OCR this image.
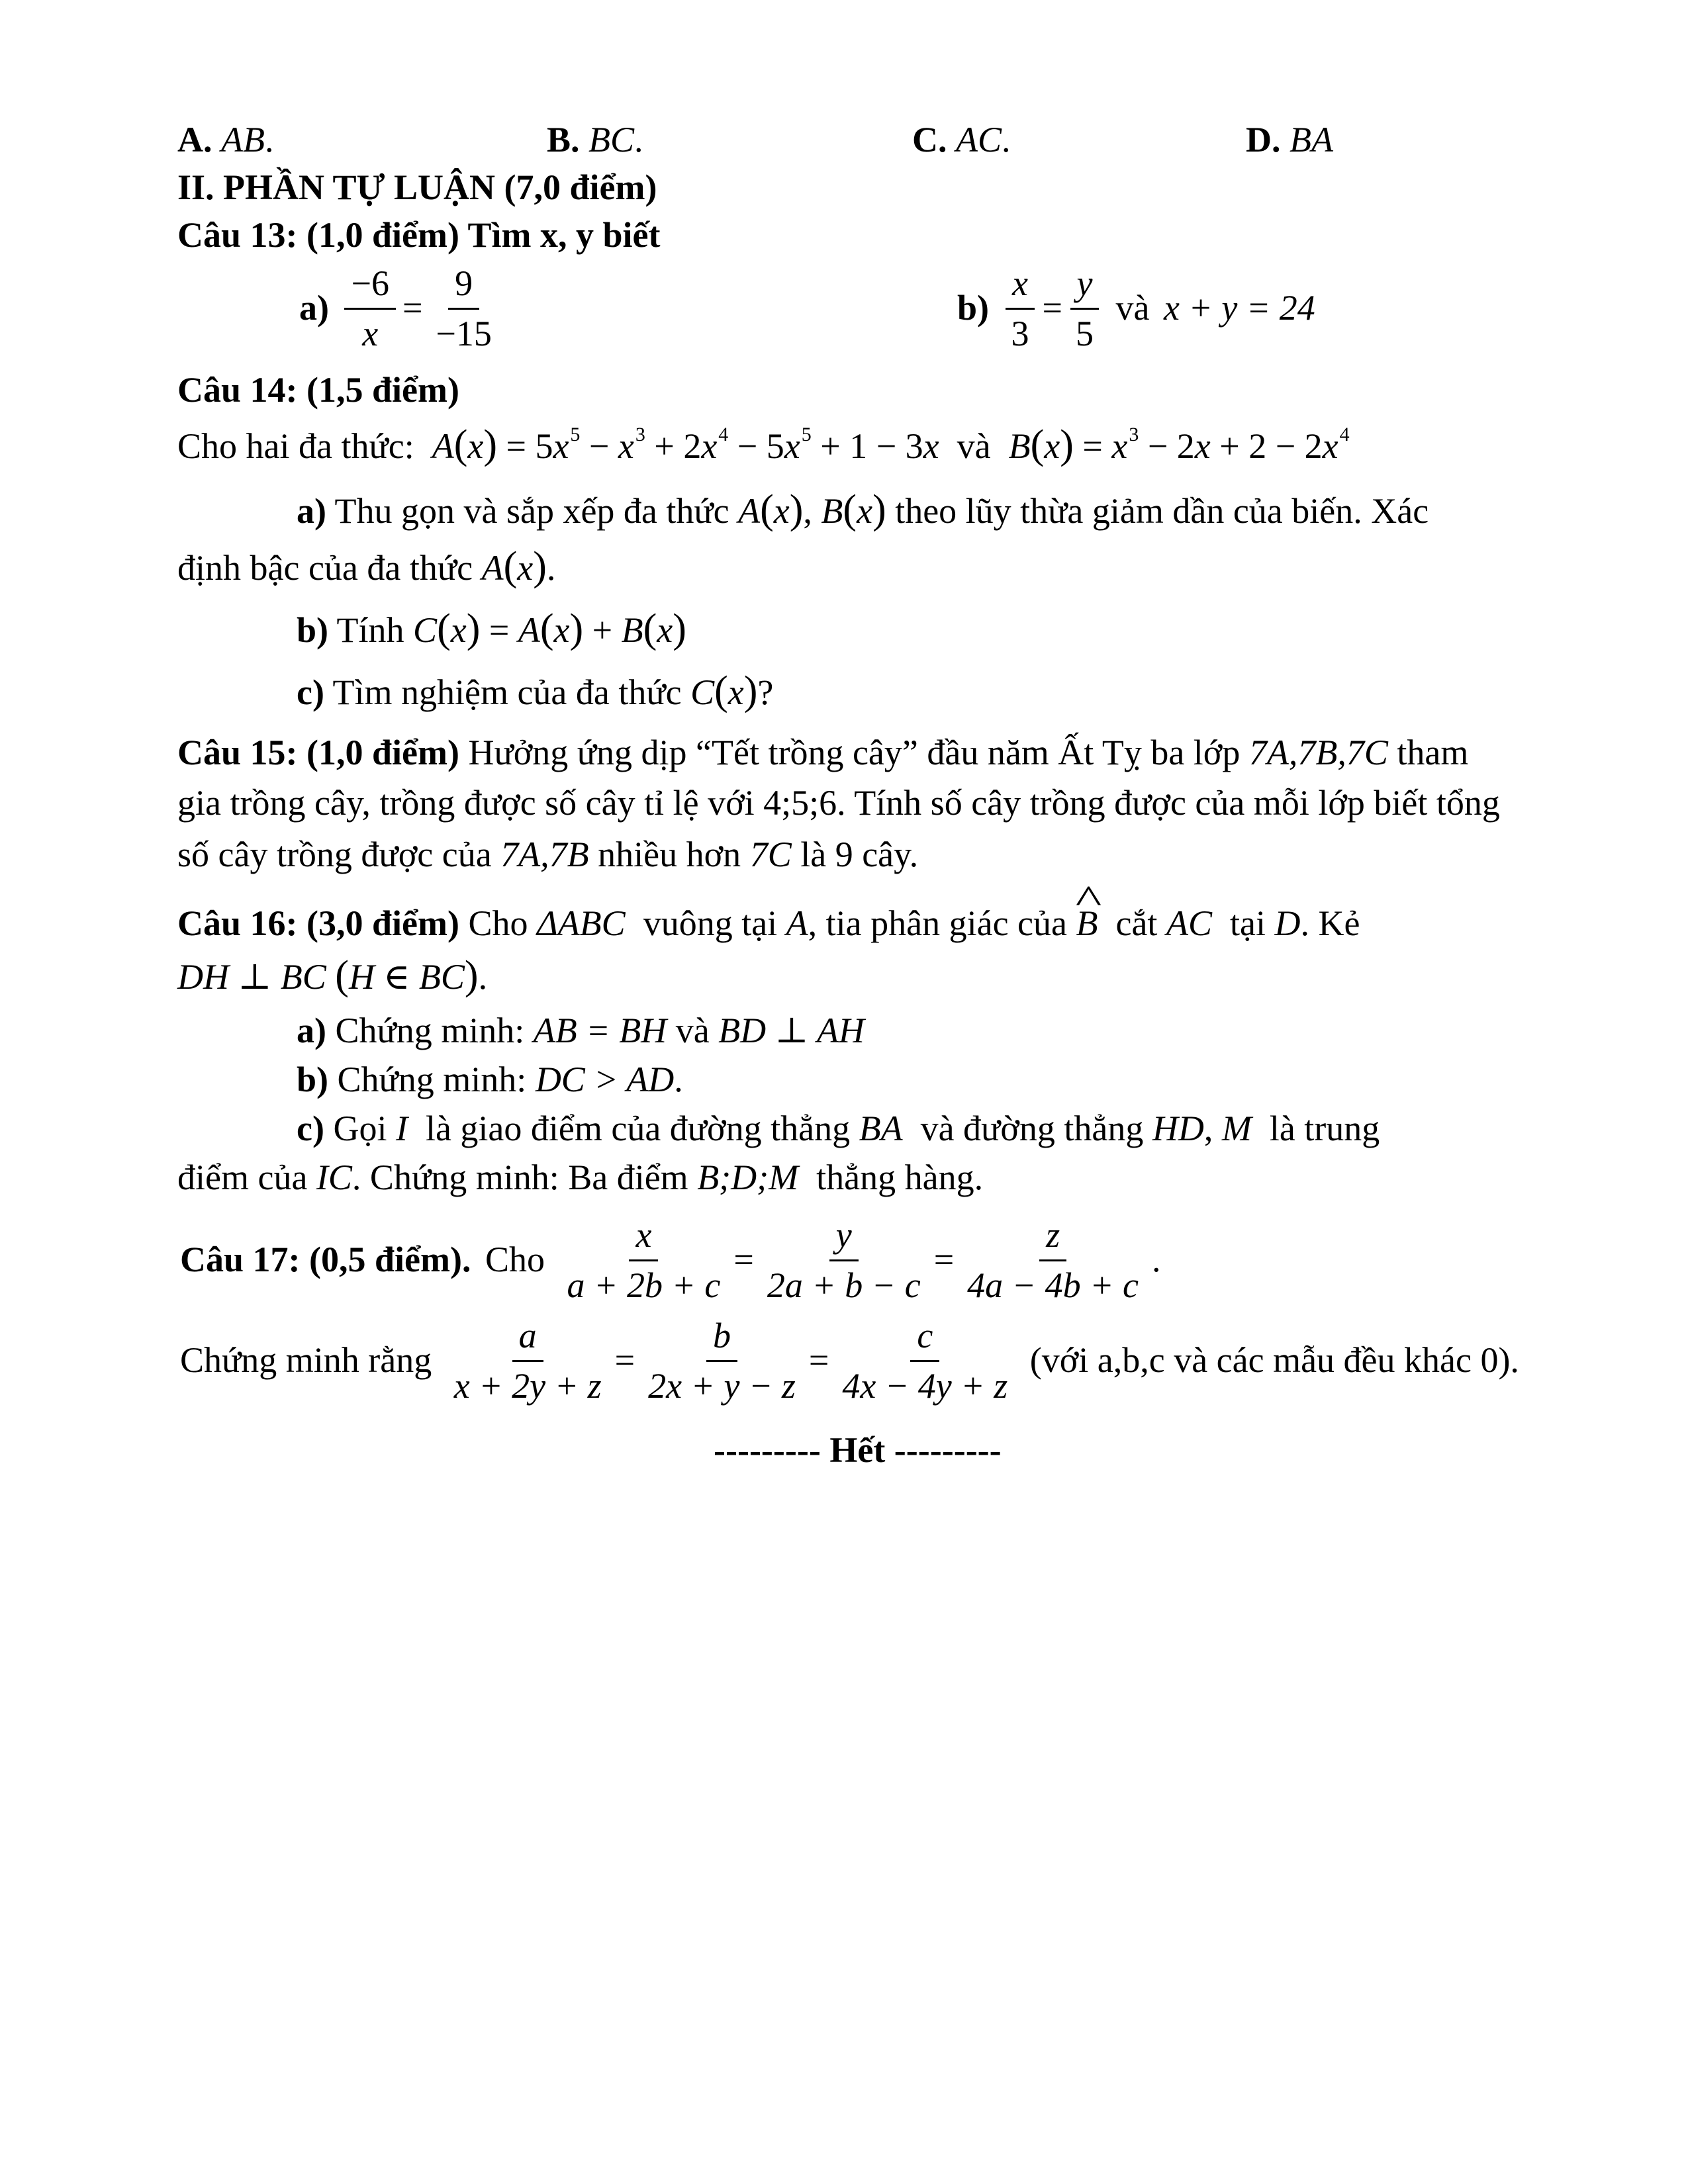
A. AB.	B. BC.	C. AC.	D. BA
II. PHẦN TỰ LUẬN (7,0 điểm)
Câu 13: (1,0 điểm) Tìm x, y biết
$a) \frac{-6}{x} = \frac{9}{-15}$	$b) \frac{x}{3} = \frac{y}{5}$ và x + y = 24
Câu 14: (1,5 điểm)
Cho hai đa thức:  $A(x) = 5x^5 - x^3 + 2x^4 - 5x^5 + 1 - 3x$ và $B(x) = x^3 - 2x + 2 - 2x^4$
a) Thu gọn và sắp xếp đa thức A(x), B(x) theo lũy thừa giảm dần của biến. Xác
định bậc của đa thức A(x).
b) Tính C(x) = A(x) + B(x)
c) Tìm nghiệm của đa thức C(x)?
Câu 15: (1,0 điểm) Hưởng ứng dịp “Tết trồng cây” đầu năm Ất Tỵ ba lớp 7A,7B,7C tham
gia trồng cây, trồng được số cây tỉ lệ với 4;5;6. Tính số cây trồng được của mỗi lớp biết tổng
số cây trồng được của 7A,7B nhiều hơn 7C là 9 cây.
Câu 16: (3,0 điểm) Cho ΔABC vuông tại A, tia phân giác của ^ B cắt AC tại D. Kẻ
DH ⊥ BC (H ∈ BC).
a) Chứng minh: AB = BH và BD ⊥ AH
b) Chứng minh: DC > AD.
c) Gọi I là giao điểm của đường thẳng BA và đường thẳng HD, M là trung
điểm của IC. Chứng minh: Ba điểm B;D;M thẳng hàng.
Câu 17: (0,5 điểm). Cho $\frac{x}{a + 2b + c} = \frac{y}{2a + b - c} = \frac{z}{4a - 4b + c}$ .
Chứng minh rằng $\frac{a}{x + 2y + z} = \frac{b}{2x + y - z} = \frac{c}{4x - 4y + z}$ (với a,b,c và các mẫu đều khác 0).
--------- Hết ---------
